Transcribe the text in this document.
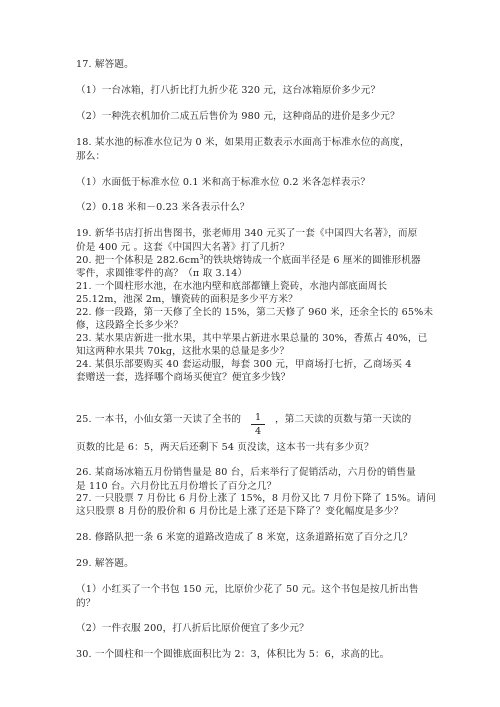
17. 解答题。
（1）一台冰箱，打八折比打九折少花 320 元，这台冰箱原价多少元？
（2）一种洗衣机加价二成五后售价为 980 元，这种商品的进价是多少元？
18. 某水池的标准水位记为 0 米，如果用正数表示水面高于标准水位的高度，
那么：
（1）水面低于标准水位 0.1 米和高于标准水位 0.2 米各怎样表示？
（2）0.18 米和－0.23 米各表示什么？
19. 新华书店打折出售图书，张老师用 340 元买了一套《中国四大名著》，而原
价是 400 元 。这套《中国四大名著》打了几折？
20. 把一个体积是 $282.6cm^3$的铁块熔铸成一个底面半径是 6 厘米的圆锥形机器
零件，求圆锥零件的高？（π 取 3.14）
21. 一个圆柱形水池，在水池内壁和底部都镶上瓷砖，水池内部底面周长
25.12m，池深 2m，镶瓷砖的面积是多少平方米？
22. 修一段路，第一天修了全长的 15%，第二天修了 960 米，还余全长的 65%未
修，这段路全长多少米？
23. 某水果店新进一批水果，其中苹果占新进水果总量的 30%，香蕉占 40%，已
知这两种水果共 70kg，这批水果的总量是多少？
24. 某俱乐部要购买 40 套运动服，每套 300 元，甲商场打七折，乙商场买 4
套赠送一套，选择哪个商场买便宜？便宜多少钱？
25. 一本书，小仙女第一天读了全书的	1
4
，第二天读的页数与第一天读的
页数的比是 6：5，两天后还剩下 54 页没读，这本书一共有多少页？
26. 某商场冰箱五月份销售量是 80 台，后来举行了促销活动，六月份的销售量
是 110 台。六月份比五月份增长了百分之几？
27. 一只股票 7 月份比 6 月份上涨了 15%，8 月份又比 7 月份下降了 15%。请问
这只股票 8 月份的股价和 6 月份比是上涨了还是下降了？变化幅度是多少？
28. 修路队把一条 6 米宽的道路改造成了 8 米宽，这条道路拓宽了百分之几？
29. 解答题。
（1）小红买了一个书包 150 元，比原价少花了 50 元。这个书包是按几折出售
的？
（2）一件衣服 200，打八折后比原价便宜了多少元？
30. 一个圆柱和一个圆锥底面积比为 2：3，体积比为 5：6，求高的比。
